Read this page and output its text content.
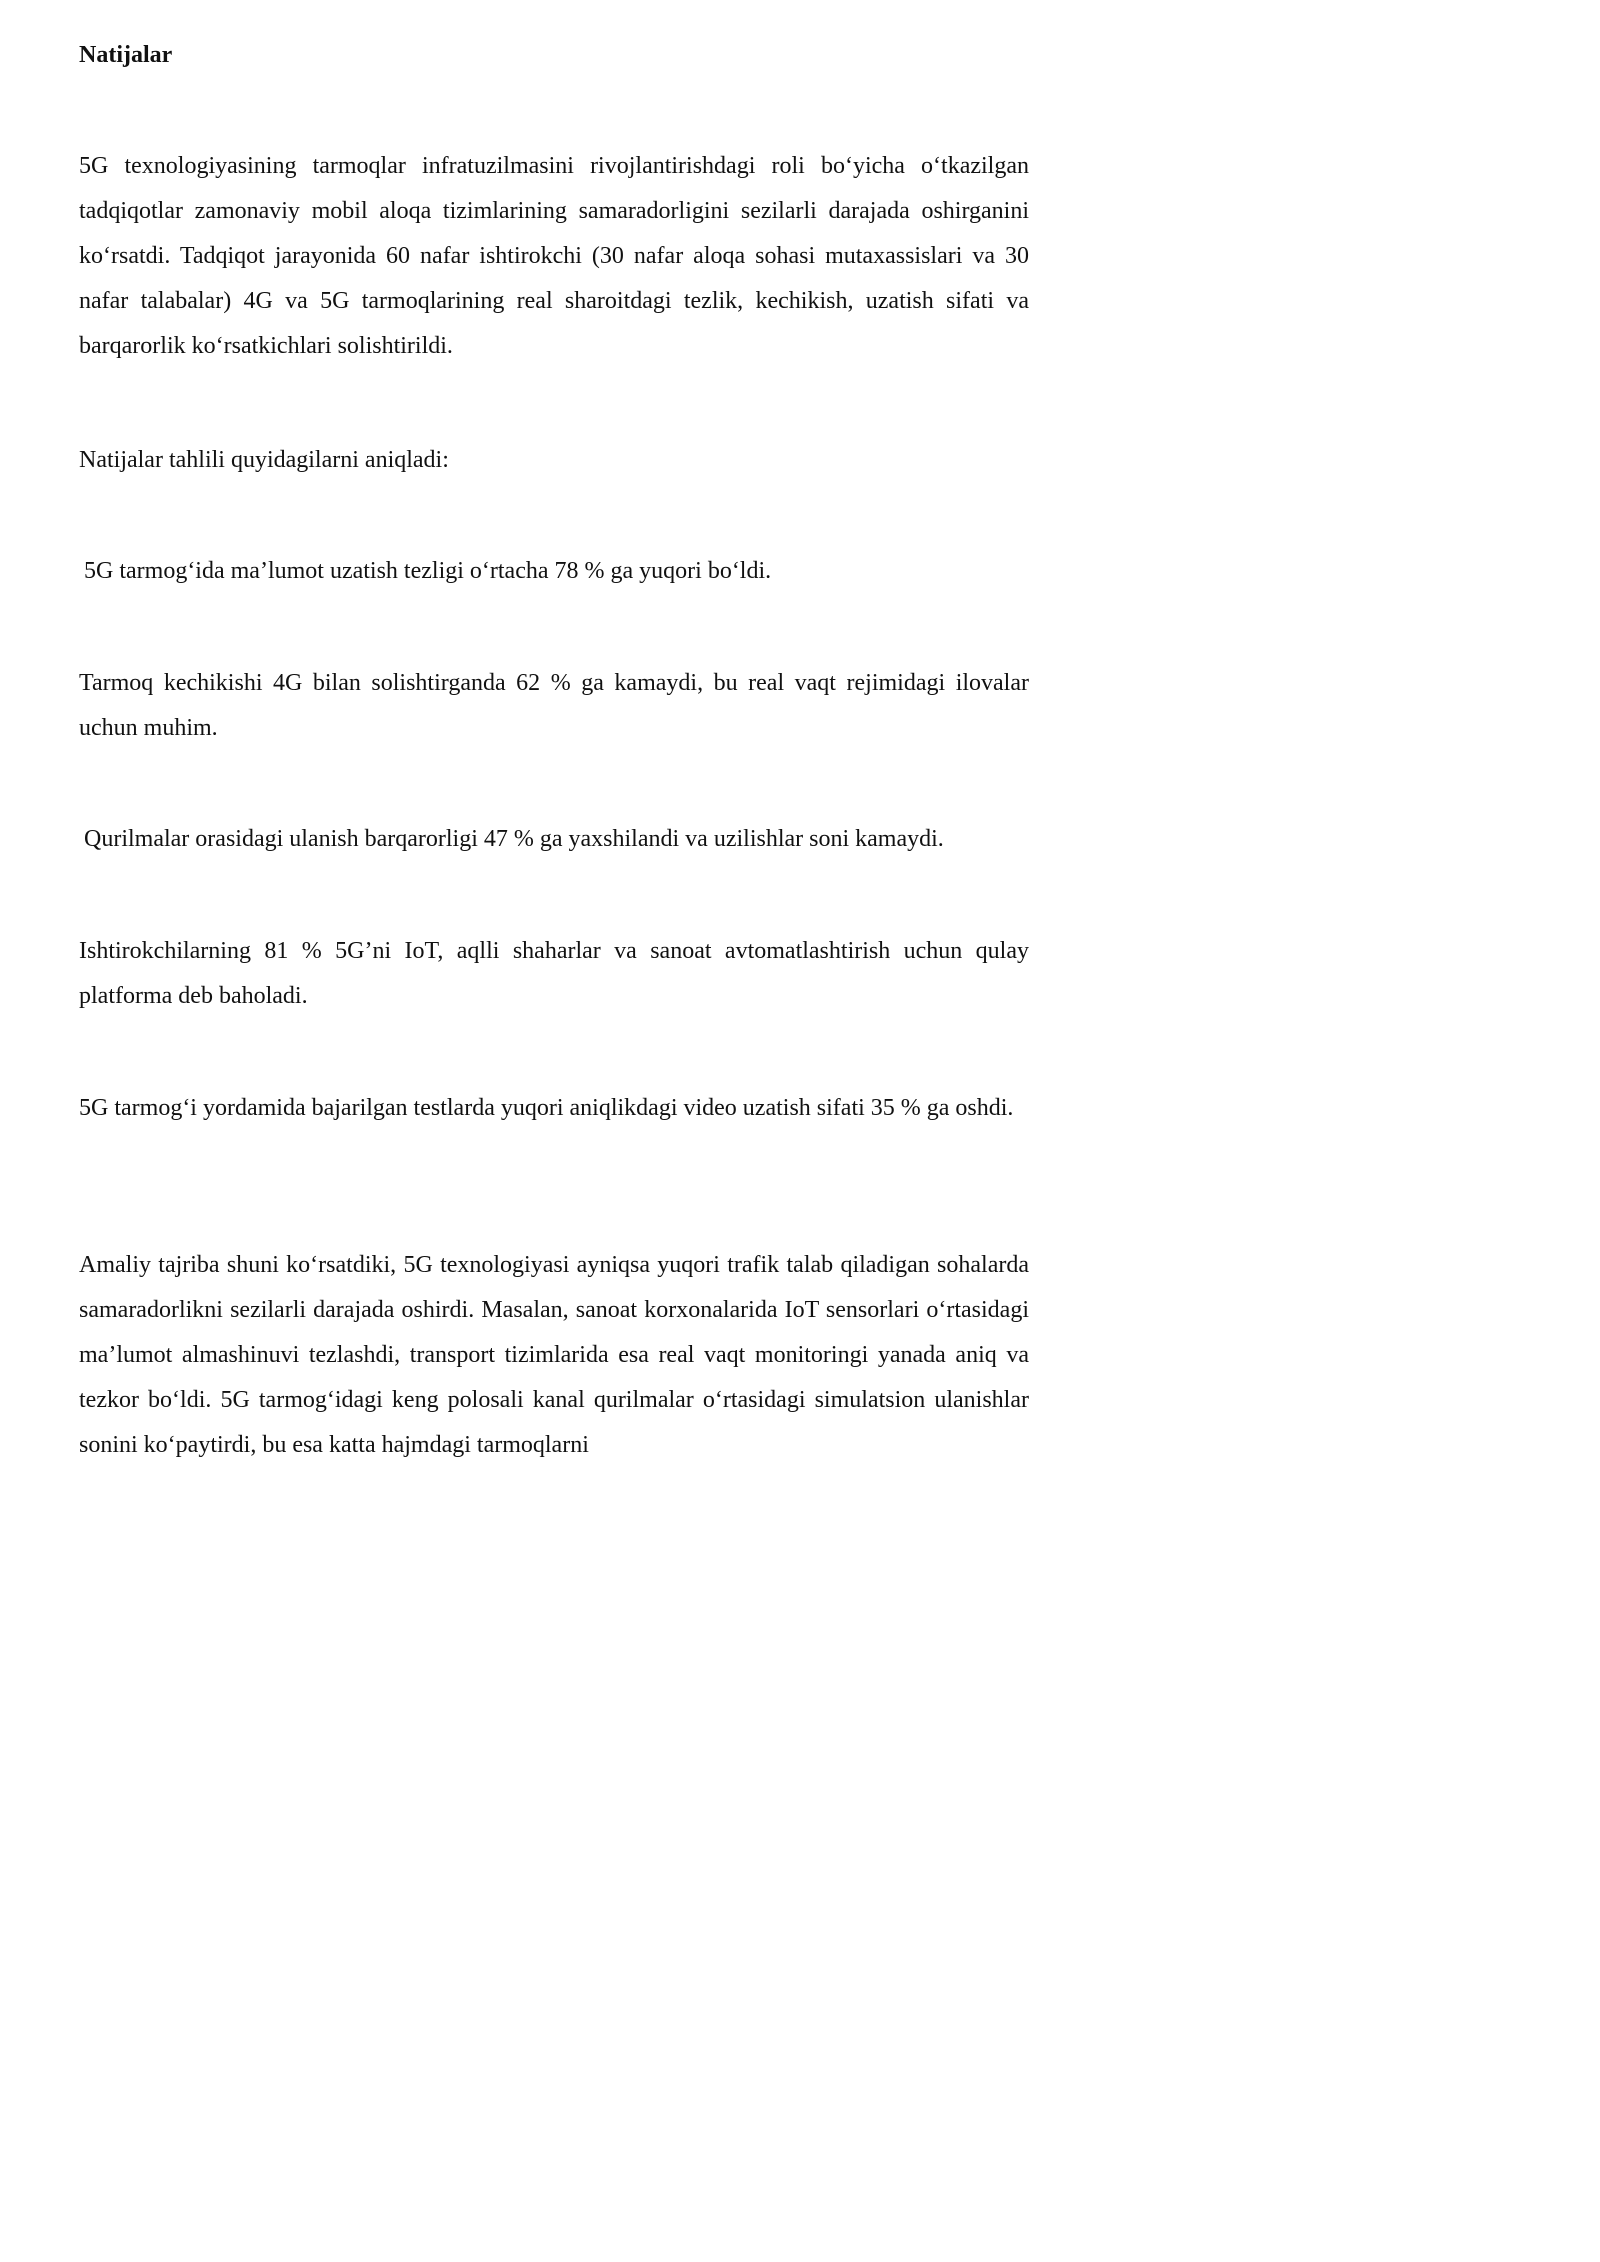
Natijalar

5G texnologiyasining tarmoqlar infratuzilmasini rivojlantirishdagi roli bo‘yicha o‘tkazilgan tadqiqotlar zamonaviy mobil aloqa tizimlarining samaradorligini sezilarli darajada oshirganini ko‘rsatdi. Tadqiqot jarayonida 60 nafar ishtirokchi (30 nafar aloqa sohasi mutaxassislari va 30 nafar talabalar) 4G va 5G tarmoqlarining real sharoitdagi tezlik, kechikish, uzatish sifati va barqarorlik ko‘rsatkichlari solishtirildi.

Natijalar tahlili quyidagilarni aniqladi:

5G tarmog‘ida ma’lumot uzatish tezligi o‘rtacha 78 % ga yuqori bo‘ldi.

Tarmoq kechikishi 4G bilan solishtirganda 62 % ga kamaydi, bu real vaqt rejimidagi ilovalar uchun muhim.

Qurilmalar orasidagi ulanish barqarorligi 47 % ga yaxshilandi va uzilishlar soni kamaydi.

Ishtirokchilarning 81 % 5G’ni IoT, aqlli shaharlar va sanoat avtomatlashtirish uchun qulay platforma deb baholadi.

5G tarmog‘i yordamida bajarilgan testlarda yuqori aniqlikdagi video uzatish sifati 35 % ga oshdi.

Amaliy tajriba shuni ko‘rsatdiki, 5G texnologiyasi ayniqsa yuqori trafik talab qiladigan sohalarda samaradorlikni sezilarli darajada oshirdi. Masalan, sanoat korxonalarida IoT sensorlari o‘rtasidagi ma’lumot almashinuvi tezlashdi, transport tizimlarida esa real vaqt monitoringi yanada aniq va tezkor bo‘ldi. 5G tarmog‘idagi keng polosali kanal qurilmalar o‘rtasidagi simulatsion ulanishlar sonini ko‘paytirdi, bu esa katta hajmdagi tarmoqlarni
